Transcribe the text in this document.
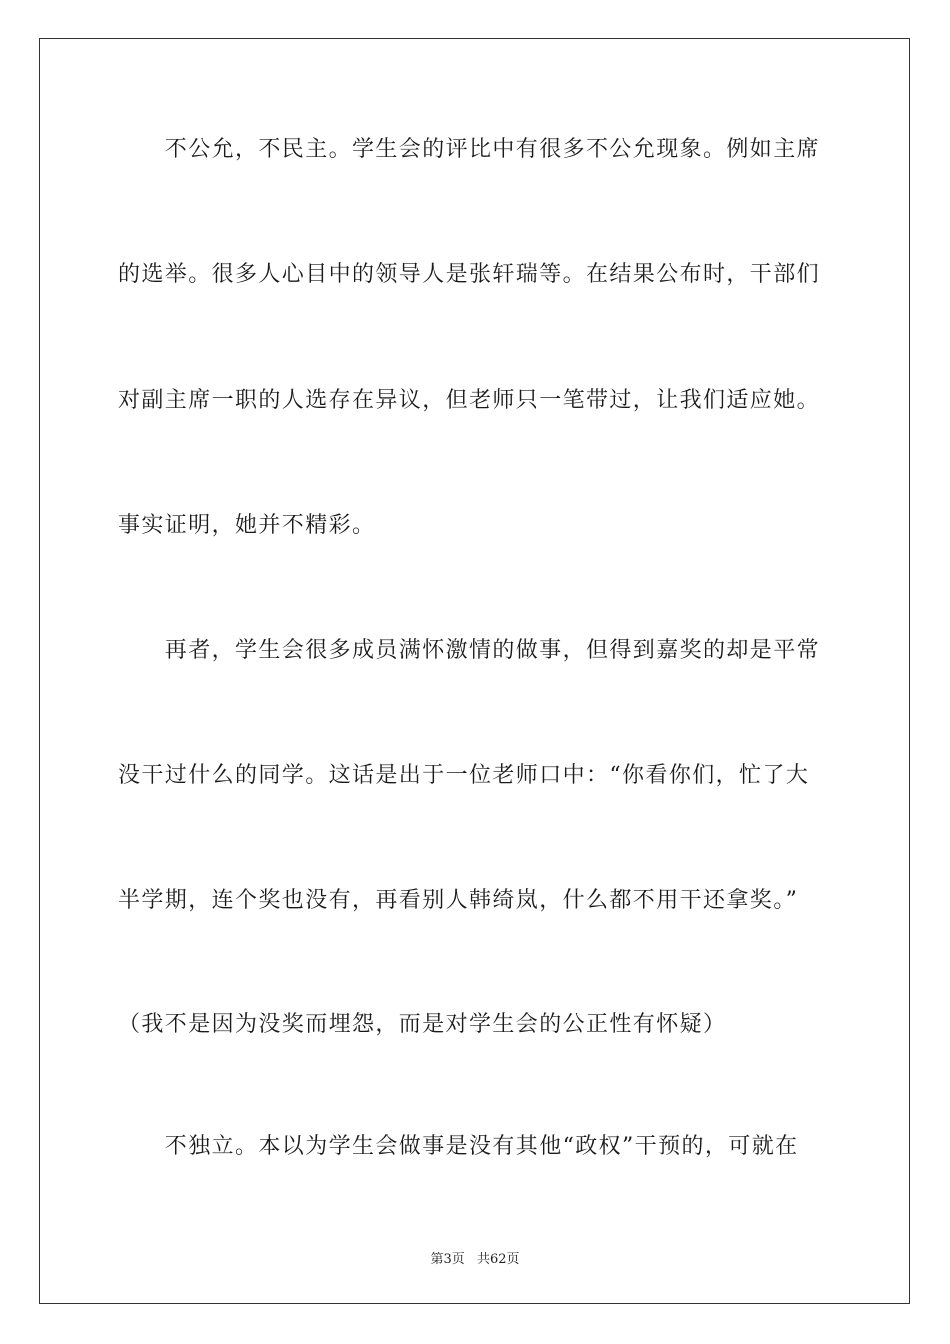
　　不公允，不民主。学生会的评比中有很多不公允现象。例如主席
的选举。很多人心目中的领导人是张轩瑞等。在结果公布时，干部们
对副主席一职的人选存在异议，但老师只一笔带过，让我们适应她。
事实证明，她并不精彩。
　　再者，学生会很多成员满怀激情的做事，但得到嘉奖的却是平常
没干过什么的同学。这话是出于一位老师口中：“你看你们，忙了大
半学期，连个奖也没有，再看别人韩绮岚，什么都不用干还拿奖。”
（我不是因为没奖而埋怨，而是对学生会的公正性有怀疑）
　　不独立。本以为学生会做事是没有其他“政权”干预的，可就在
第3页 共62页
